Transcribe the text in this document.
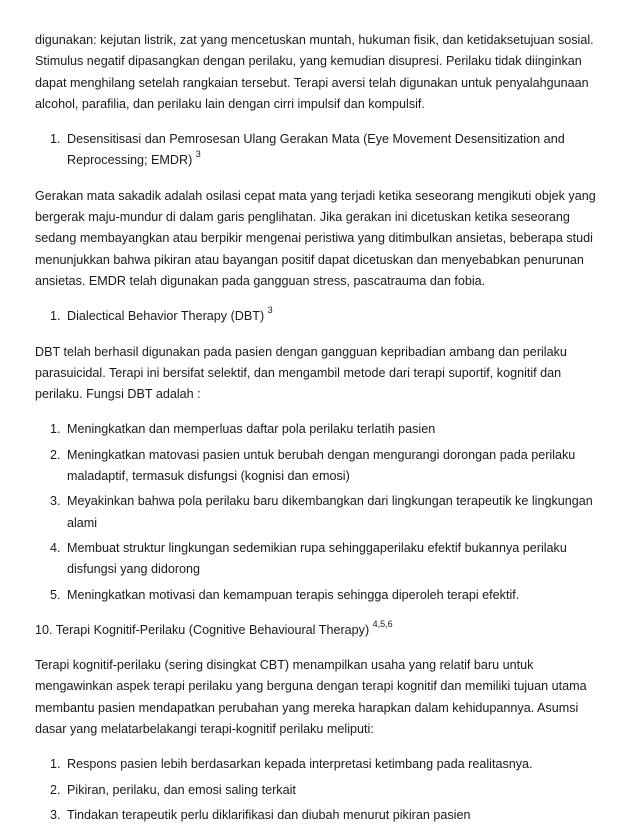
digunakan: kejutan listrik, zat yang mencetuskan muntah, hukuman fisik, dan ketidaksetujuan sosial. Stimulus negatif dipasangkan dengan perilaku, yang kemudian disupresi. Perilaku tidak diinginkan dapat menghilang setelah rangkaian tersebut. Terapi aversi telah digunakan untuk penyalahgunaan alcohol, parafilia, dan perilaku lain dengan cirri impulsif dan kompulsif.

1. Desensitisasi dan Pemrosesan Ulang Gerakan Mata (Eye Movement Desensitization and Reprocessing; EMDR) $^3$

Gerakan mata sakadik adalah osilasi cepat mata yang terjadi ketika seseorang mengikuti objek yang bergerak maju-mundur di dalam garis penglihatan. Jika gerakan ini dicetuskan ketika seseorang sedang membayangkan atau berpikir mengenai peristiwa yang ditimbulkan ansietas, beberapa studi menunjukkan bahwa pikiran atau bayangan positif dapat dicetuskan dan menyebabkan penurunan ansietas. EMDR telah digunakan pada gangguan stress, pascatrauma dan fobia.

1. Dialectical Behavior Therapy (DBT) $^3$

DBT telah berhasil digunakan pada pasien dengan gangguan kepribadian ambang dan perilaku parasuicidal. Terapi ini bersifat selektif, dan mengambil metode dari terapi suportif, kognitif dan perilaku. Fungsi DBT adalah :

1. Meningkatkan dan memperluas daftar pola perilaku terlatih pasien
2. Meningkatkan matovasi pasien untuk berubah dengan mengurangi dorongan pada perilaku maladaptif, termasuk disfungsi (kognisi dan emosi)
3. Meyakinkan bahwa pola perilaku baru dikembangkan dari lingkungan terapeutik ke lingkungan alami
4. Membuat struktur lingkungan sedemikian rupa sehinggaperilaku efektif bukannya perilaku disfungsi yang didorong
5. Meningkatkan motivasi dan kemampuan terapis sehingga diperoleh terapi efektif.
10. Terapi Kognitif-Perilaku (Cognitive Behavioural Therapy) $^{4,5,6}$

Terapi kognitif-perilaku (sering disingkat CBT) menampilkan usaha yang relatif baru untuk mengawinkan aspek terapi perilaku yang berguna dengan terapi kognitif dan memiliki tujuan utama membantu pasien mendapatkan perubahan yang mereka harapkan dalam kehidupannya. Asumsi dasar yang melatarbelakangi terapi-kognitif perilaku meliputi:

1. Respons pasien lebih berdasarkan kepada interpretasi ketimbang pada realitasnya.
2. Pikiran, perilaku, dan emosi saling terkait
3. Tindakan terapeutik perlu diklarifikasi dan diubah menurut pikiran pasien
